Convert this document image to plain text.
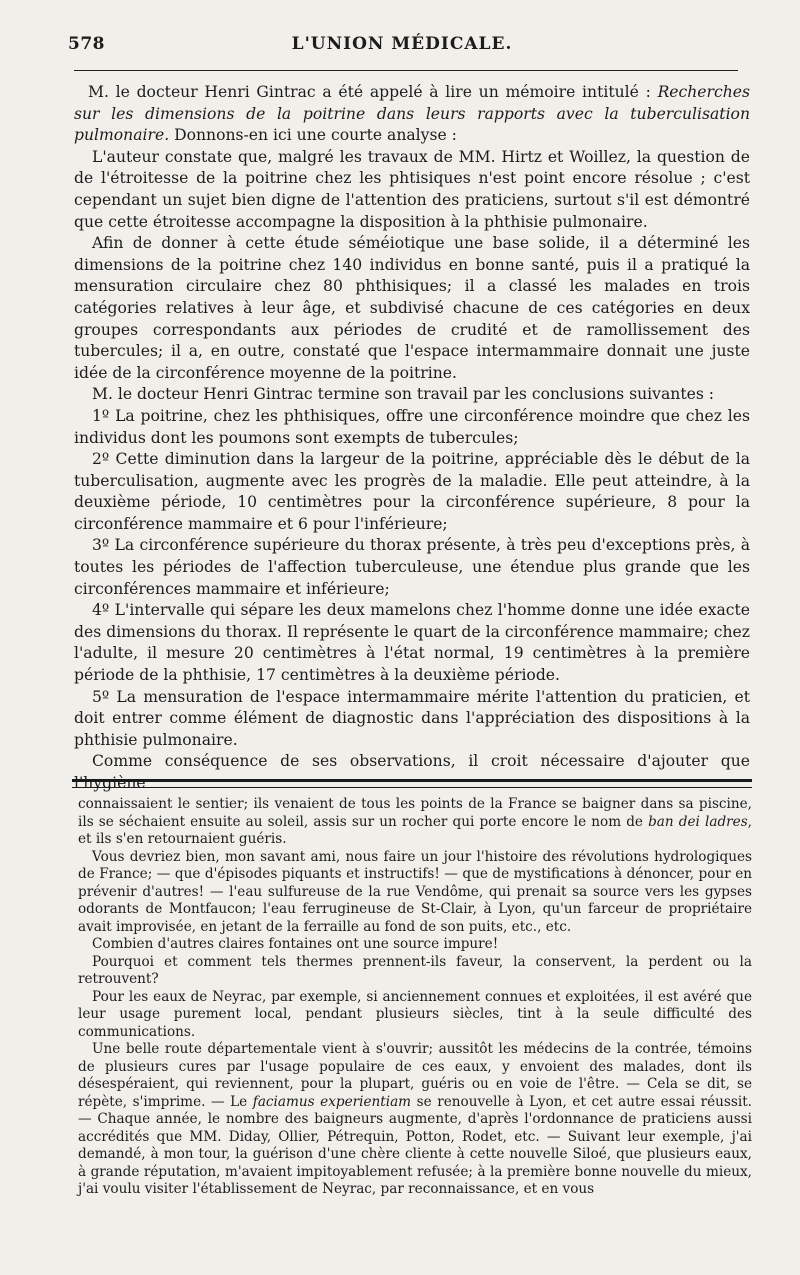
578	L'UNION MÉDICALE.

M. le docteur Henri Gintrac a été appelé à lire un mémoire intitulé : Recherches sur les dimensions de la poitrine dans leurs rapports avec la tuberculisation pulmonaire. Donnons-en ici une courte analyse :

L'auteur constate que, malgré les travaux de MM. Hirtz et Woillez, la question de de l'étroitesse de la poitrine chez les phtisiques n'est point encore résolue ; c'est cependant un sujet bien digne de l'attention des praticiens, surtout s'il est démontré que cette étroitesse accompagne la disposition à la phthisie pulmonaire.

Afin de donner à cette étude séméiotique une base solide, il a déterminé les dimensions de la poitrine chez 140 individus en bonne santé, puis il a pratiqué la mensuration circulaire chez 80 phthisiques; il a classé les malades en trois catégories relatives à leur âge, et subdivisé chacune de ces catégories en deux groupes correspondants aux périodes de crudité et de ramollissement des tubercules; il a, en outre, constaté que l'espace intermammaire donnait une juste idée de la circonférence moyenne de la poitrine.

M. le docteur Henri Gintrac termine son travail par les conclusions suivantes :

1º La poitrine, chez les phthisiques, offre une circonférence moindre que chez les individus dont les poumons sont exempts de tubercules;

2º Cette diminution dans la largeur de la poitrine, appréciable dès le début de la tuberculisation, augmente avec les progrès de la maladie. Elle peut atteindre, à la deuxième période, 10 centimètres pour la circonférence supérieure, 8 pour la circonférence mammaire et 6 pour l'inférieure;

3º La circonférence supérieure du thorax présente, à très peu d'exceptions près, à toutes les périodes de l'affection tuberculeuse, une étendue plus grande que les circonférences mammaire et inférieure;

4º L'intervalle qui sépare les deux mamelons chez l'homme donne une idée exacte des dimensions du thorax. Il représente le quart de la circonférence mammaire; chez l'adulte, il mesure 20 centimètres à l'état normal, 19 centimètres à la première période de la phthisie, 17 centimètres à la deuxième période.

5º La mensuration de l'espace intermammaire mérite l'attention du praticien, et doit entrer comme élément de diagnostic dans l'appréciation des dispositions à la phthisie pulmonaire.

Comme conséquence de ses observations, il croit nécessaire d'ajouter que l'hygiène

connaissaient le sentier; ils venaient de tous les points de la France se baigner dans sa piscine, ils se séchaient ensuite au soleil, assis sur un rocher qui porte encore le nom de ban dei ladres, et ils s'en retournaient guéris.

Vous devriez bien, mon savant ami, nous faire un jour l'histoire des révolutions hydrologiques de France; — que d'épisodes piquants et instructifs! — que de mystifications à dénoncer, pour en prévenir d'autres! — l'eau sulfureuse de la rue Vendôme, qui prenait sa source vers les gypses odorants de Montfaucon; l'eau ferrugineuse de St-Clair, à Lyon, qu'un farceur de propriétaire avait improvisée, en jetant de la ferraille au fond de son puits, etc., etc.

Combien d'autres claires fontaines ont une source impure!

Pourquoi et comment tels thermes prennent-ils faveur, la conservent, la perdent ou la retrouvent?

Pour les eaux de Neyrac, par exemple, si anciennement connues et exploitées, il est avéré que leur usage purement local, pendant plusieurs siècles, tint à la seule difficulté des communications.

Une belle route départementale vient à s'ouvrir; aussitôt les médecins de la contrée, témoins de plusieurs cures par l'usage populaire de ces eaux, y envoient des malades, dont ils désespéraient, qui reviennent, pour la plupart, guéris ou en voie de l'être. — Cela se dit, se répète, s'imprime. — Le faciamus experientiam se renouvelle à Lyon, et cet autre essai réussit. — Chaque année, le nombre des baigneurs augmente, d'après l'ordonnance de praticiens aussi accrédités que MM. Diday, Ollier, Pétrequin, Potton, Rodet, etc. — Suivant leur exemple, j'ai demandé, à mon tour, la guérison d'une chère cliente à cette nouvelle Siloé, que plusieurs eaux, à grande réputation, m'avaient impitoyablement refusée; à la première bonne nouvelle du mieux, j'ai voulu visiter l'établissement de Neyrac, par reconnaissance, et en vous
